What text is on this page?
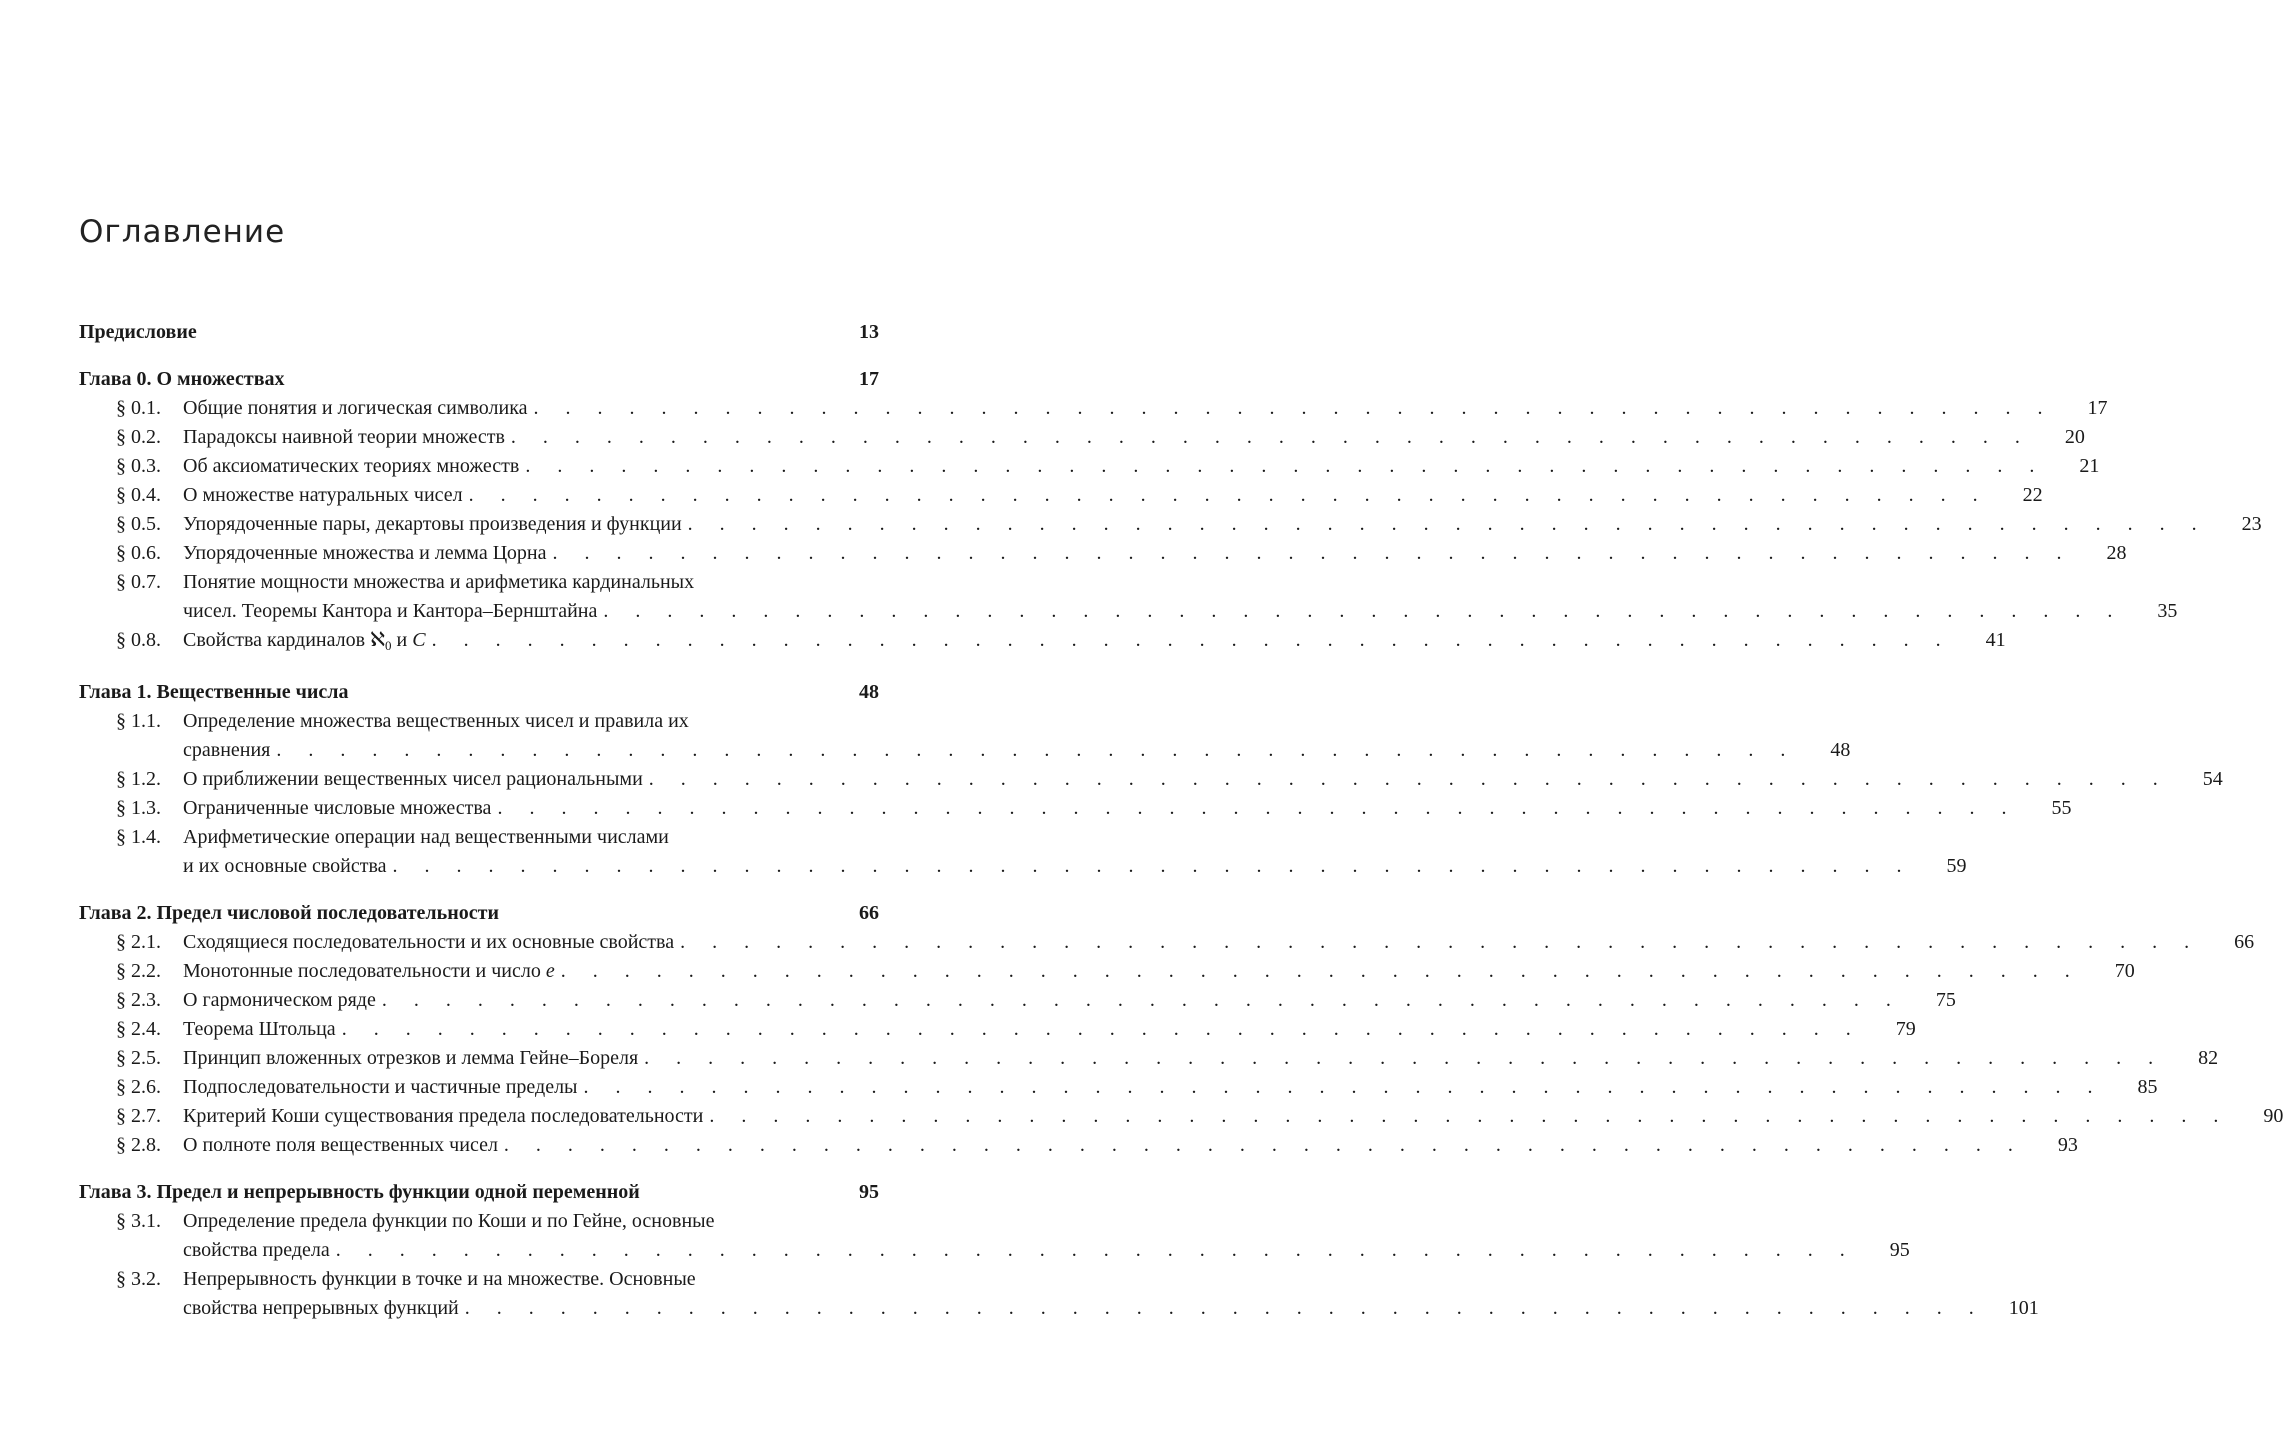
Оглавление
Предисловие	13
Глава 0. О множествах	17
§ 0.1.	Общие понятия и логическая символика . . . . . . . . . . . . . . . . . . . . . . . . . . . . . . . . . . . . . . . . . . . . . . . .	17
§ 0.2.	Парадоксы наивной теории множеств . . . . . . . . . . . . . . . . . . . . . . . . . . . . . . . . . . . . . . . . . . . . . . . .	20
§ 0.3.	Об аксиоматических теориях множеств . . . . . . . . . . . . . . . . . . . . . . . . . . . . . . . . . . . . . . . . . . . . . . . .	21
§ 0.4.	О множестве натуральных чисел . . . . . . . . . . . . . . . . . . . . . . . . . . . . . . . . . . . . . . . . . . . . . . . .	22
§ 0.5.	Упорядоченные пары, декартовы произведения и функции . . . . . . . . . . . . . . . . . . . . . . . . . . . . . . . . . . . . . . . . . . . . . . . .	23
§ 0.6.	Упорядоченные множества и лемма Цорна . . . . . . . . . . . . . . . . . . . . . . . . . . . . . . . . . . . . . . . . . . . . . . . .	28
§ 0.7.	Понятие мощности множества и арифметика кардинальных
чисел. Теоремы Кантора и Кантора–Бернштайна . . . . . . . . . . . . . . . . . . . . . . . . . . . . . . . . . . . . . . . . . . . . . . . .	35
§ 0.8.	Свойства кардиналов ℵ$_0$ и C . . . . . . . . . . . . . . . . . . . . . . . . . . . . . . . . . . . . . . . . . . . . . . . .	41
Глава 1. Вещественные числа	48
§ 1.1.	Определение множества вещественных чисел и правила их
сравнения . . . . . . . . . . . . . . . . . . . . . . . . . . . . . . . . . . . . . . . . . . . . . . . .	48
§ 1.2.	О приближении вещественных чисел рациональными . . . . . . . . . . . . . . . . . . . . . . . . . . . . . . . . . . . . . . . . . . . . . . . .	54
§ 1.3.	Ограниченные числовые множества . . . . . . . . . . . . . . . . . . . . . . . . . . . . . . . . . . . . . . . . . . . . . . . .	55
§ 1.4.	Арифметические операции над вещественными числами
и их основные свойства . . . . . . . . . . . . . . . . . . . . . . . . . . . . . . . . . . . . . . . . . . . . . . . .	59
Глава 2. Предел числовой последовательности	66
§ 2.1.	Сходящиеся последовательности и их основные свойства . . . . . . . . . . . . . . . . . . . . . . . . . . . . . . . . . . . . . . . . . . . . . . . .	66
§ 2.2.	Монотонные последовательности и число e . . . . . . . . . . . . . . . . . . . . . . . . . . . . . . . . . . . . . . . . . . . . . . . .	70
§ 2.3.	О гармоническом ряде . . . . . . . . . . . . . . . . . . . . . . . . . . . . . . . . . . . . . . . . . . . . . . . .	75
§ 2.4.	Теорема Штольца . . . . . . . . . . . . . . . . . . . . . . . . . . . . . . . . . . . . . . . . . . . . . . . .	79
§ 2.5.	Принцип вложенных отрезков и лемма Гейне–Бореля . . . . . . . . . . . . . . . . . . . . . . . . . . . . . . . . . . . . . . . . . . . . . . . .	82
§ 2.6.	Подпоследовательности и частичные пределы . . . . . . . . . . . . . . . . . . . . . . . . . . . . . . . . . . . . . . . . . . . . . . . .	85
§ 2.7.	Критерий Коши существования предела последовательности . . . . . . . . . . . . . . . . . . . . . . . . . . . . . . . . . . . . . . . . . . . . . . . .	90
§ 2.8.	О полноте поля вещественных чисел . . . . . . . . . . . . . . . . . . . . . . . . . . . . . . . . . . . . . . . . . . . . . . . .	93
Глава 3. Предел и непрерывность функции одной переменной	95
§ 3.1.	Определение предела функции по Коши и по Гейне, основные
свойства предела . . . . . . . . . . . . . . . . . . . . . . . . . . . . . . . . . . . . . . . . . . . . . . . .	95
§ 3.2.	Непрерывность функции в точке и на множестве. Основные
свойства непрерывных функций . . . . . . . . . . . . . . . . . . . . . . . . . . . . . . . . . . . . . . . . . . . . . . . . 101
